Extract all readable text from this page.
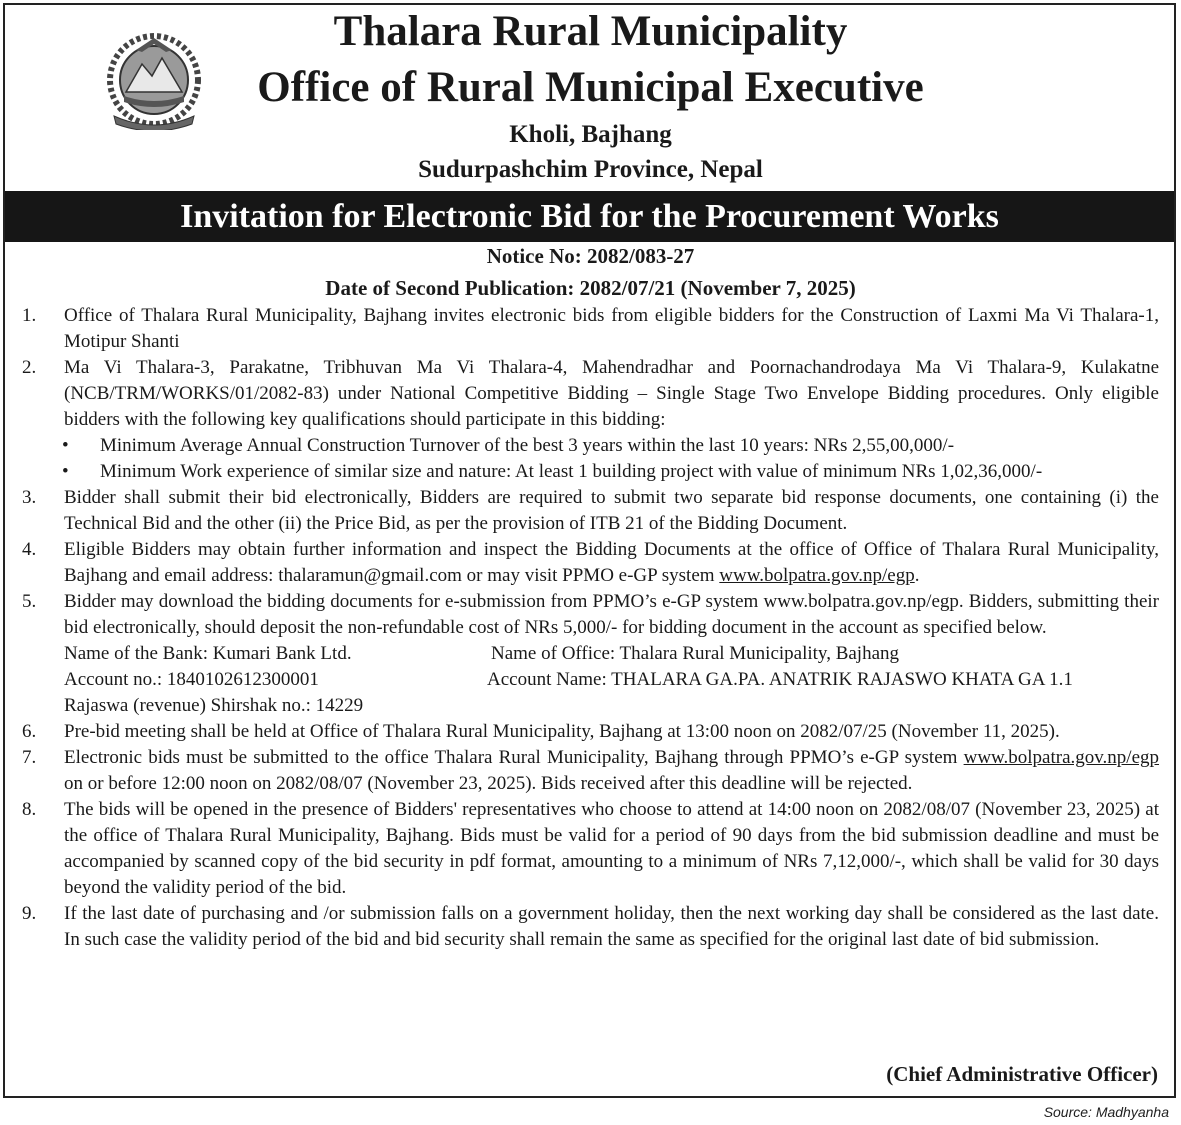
Thalara Rural Municipality
Office of Rural Municipal Executive
Kholi, Bajhang
Sudurpashchim Province, Nepal
Invitation for Electronic Bid for the Procurement Works
Notice No: 2082/083-27
Date of Second Publication: 2082/07/21 (November 7, 2025)
1. Office of Thalara Rural Municipality, Bajhang invites electronic bids from eligible bidders for the Construction of Laxmi Ma Vi Thalara-1, Motipur Shanti
2. Ma Vi Thalara-3, Parakatne, Tribhuvan Ma Vi Thalara-4, Mahendradhar and Poornachandrodaya Ma Vi Thalara-9, Kulakatne (NCB/TRM/WORKS/01/2082-83) under National Competitive Bidding – Single Stage Two Envelope Bidding procedures. Only eligible bidders with the following key qualifications should participate in this bidding:
• Minimum Average Annual Construction Turnover of the best 3 years within the last 10 years: NRs 2,55,00,000/-
• Minimum Work experience of similar size and nature: At least 1 building project with value of minimum NRs 1,02,36,000/-
3. Bidder shall submit their bid electronically, Bidders are required to submit two separate bid response documents, one containing (i) the Technical Bid and the other (ii) the Price Bid, as per the provision of ITB 21 of the Bidding Document.
4. Eligible Bidders may obtain further information and inspect the Bidding Documents at the office of Office of Thalara Rural Municipality, Bajhang and email address: thalaramun@gmail.com or may visit PPMO e-GP system www.bolpatra.gov.np/egp.
5. Bidder may download the bidding documents for e-submission from PPMO’s e-GP system www.bolpatra.gov.np/egp. Bidders, submitting their bid electronically, should deposit the non-refundable cost of NRs 5,000/- for bidding document in the account as specified below.
Name of the Bank: Kumari Bank Ltd.	Name of Office: Thalara Rural Municipality, Bajhang
Account no.: 1840102612300001	Account Name: THALARA GA.PA. ANATRIK RAJASWO KHATA GA 1.1
Rajaswa (revenue) Shirshak no.: 14229
6. Pre-bid meeting shall be held at Office of Thalara Rural Municipality, Bajhang at 13:00 noon on 2082/07/25 (November 11, 2025).
7. Electronic bids must be submitted to the office Thalara Rural Municipality, Bajhang through PPMO’s e-GP system www.bolpatra.gov.np/egp on or before 12:00 noon on 2082/08/07 (November 23, 2025). Bids received after this deadline will be rejected.
8. The bids will be opened in the presence of Bidders' representatives who choose to attend at 14:00 noon on 2082/08/07 (November 23, 2025) at the office of Thalara Rural Municipality, Bajhang. Bids must be valid for a period of 90 days from the bid submission deadline and must be accompanied by scanned copy of the bid security in pdf format, amounting to a minimum of NRs 7,12,000/-, which shall be valid for 30 days beyond the validity period of the bid.
9. If the last date of purchasing and /or submission falls on a government holiday, then the next working day shall be considered as the last date. In such case the validity period of the bid and bid security shall remain the same as specified for the original last date of bid submission.
(Chief Administrative Officer)
Source: Madhyanha
